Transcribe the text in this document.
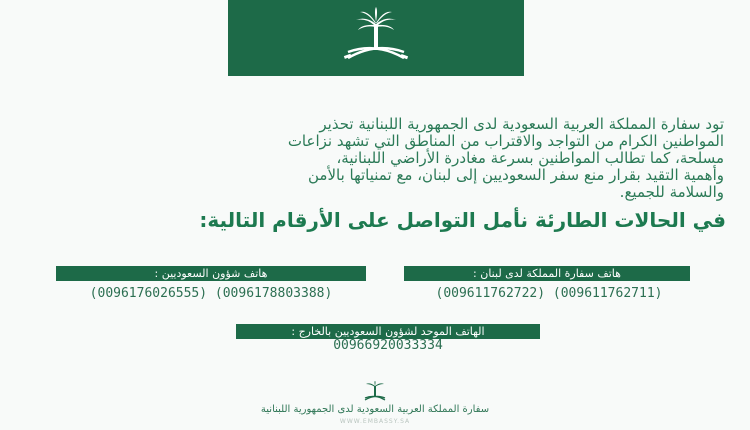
تود سفارة المملكة العربية السعودية لدى الجمهورية اللبنانية تحذير
المواطنين الكرام من التواجد والاقتراب من المناطق التي تشهد نزاعات
مسلحة، كما تطالب المواطنين بسرعة مغادرة الأراضي اللبنانية،
وأهمية التقيد بقرار منع سفر السعوديين إلى لبنان، مع تمنياتها بالأمن
والسلامة للجميع.

في الحالات الطارئة نأمل التواصل على الأرقام التالية:
هاتف سفارة المملكة لدى لبنان :
(009611762722) (009611762711)
هاتف شؤون السعوديين :
(0096176026555) (0096178803388)
الهاتف الموحد لشؤون السعوديين بالخارج :
00966920033334
سفارة المملكة العربية السعودية لدى الجمهورية اللبنانية
WWW.EMBASSY.SA
